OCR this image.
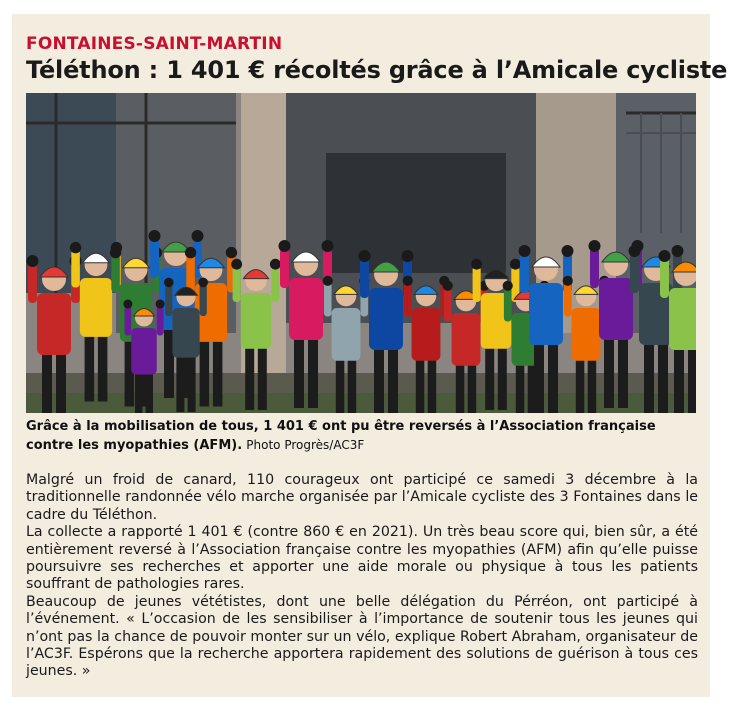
FONTAINES-SAINT-MARTIN
Téléthon : 1 401 € récoltés grâce à l’Amicale cycliste
Grâce à la mobilisation de tous, 1 401 € ont pu être reversés à l’Association française contre les myopathies (AFM). Photo Progrès/AC3F

Malgré un froid de canard, 110 courageux ont participé ce samedi 3 décembre à la traditionnelle randonnée vélo marche organisée par l’Amicale cycliste des 3 Fontaines dans le cadre du Téléthon.

La collecte a rapporté 1 401 € (contre 860 € en 2021). Un très beau score qui, bien sûr, a été entièrement reversé à l’Association française contre les myopathies (AFM) afin qu’elle puisse poursuivre ses recherches et apporter une aide morale ou physique à tous les patients souffrant de pathologies rares.

Beaucoup de jeunes vététistes, dont une belle délégation du Pérréon, ont participé à l’événement. « L’occasion de les sensibiliser à l’importance de soutenir tous les jeunes qui n’ont pas la chance de pouvoir monter sur un vélo, explique Robert Abraham, organisateur de l’AC3F. Espérons que la recherche apportera rapidement des solutions de guérison à tous ces jeunes. »
